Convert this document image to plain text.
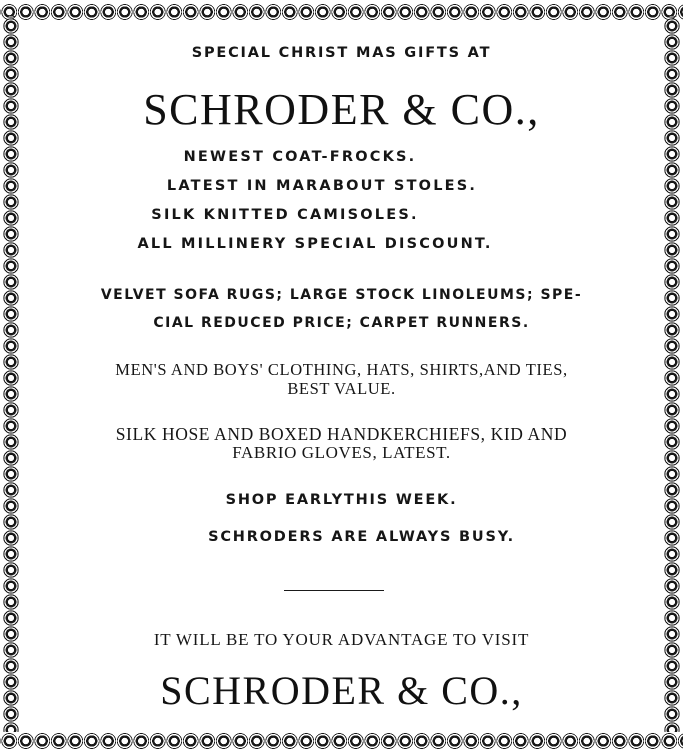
SPECIAL CHRIST MAS GIFTS AT

SCHRODER & CO.,

NEWEST COAT-FROCKS.

LATEST IN MARABOUT STOLES.

SILK KNITTED CAMISOLES.

ALL MILLINERY SPECIAL DISCOUNT.

VELVET SOFA RUGS; LARGE STOCK LINOLEUMS; SPE-

CIAL REDUCED PRICE; CARPET RUNNERS.

MEN'S AND BOYS' CLOTHING, HATS, SHIRTS,AND TIES,

BEST VALUE.

SILK HOSE AND BOXED HANDKERCHIEFS, KID AND

FABRIO GLOVES, LATEST.

SHOP EARLYTHIS WEEK.

SCHRODERS ARE ALWAYS BUSY.

IT WILL BE TO YOUR ADVANTAGE TO VISIT

SCHRODER & CO.,
